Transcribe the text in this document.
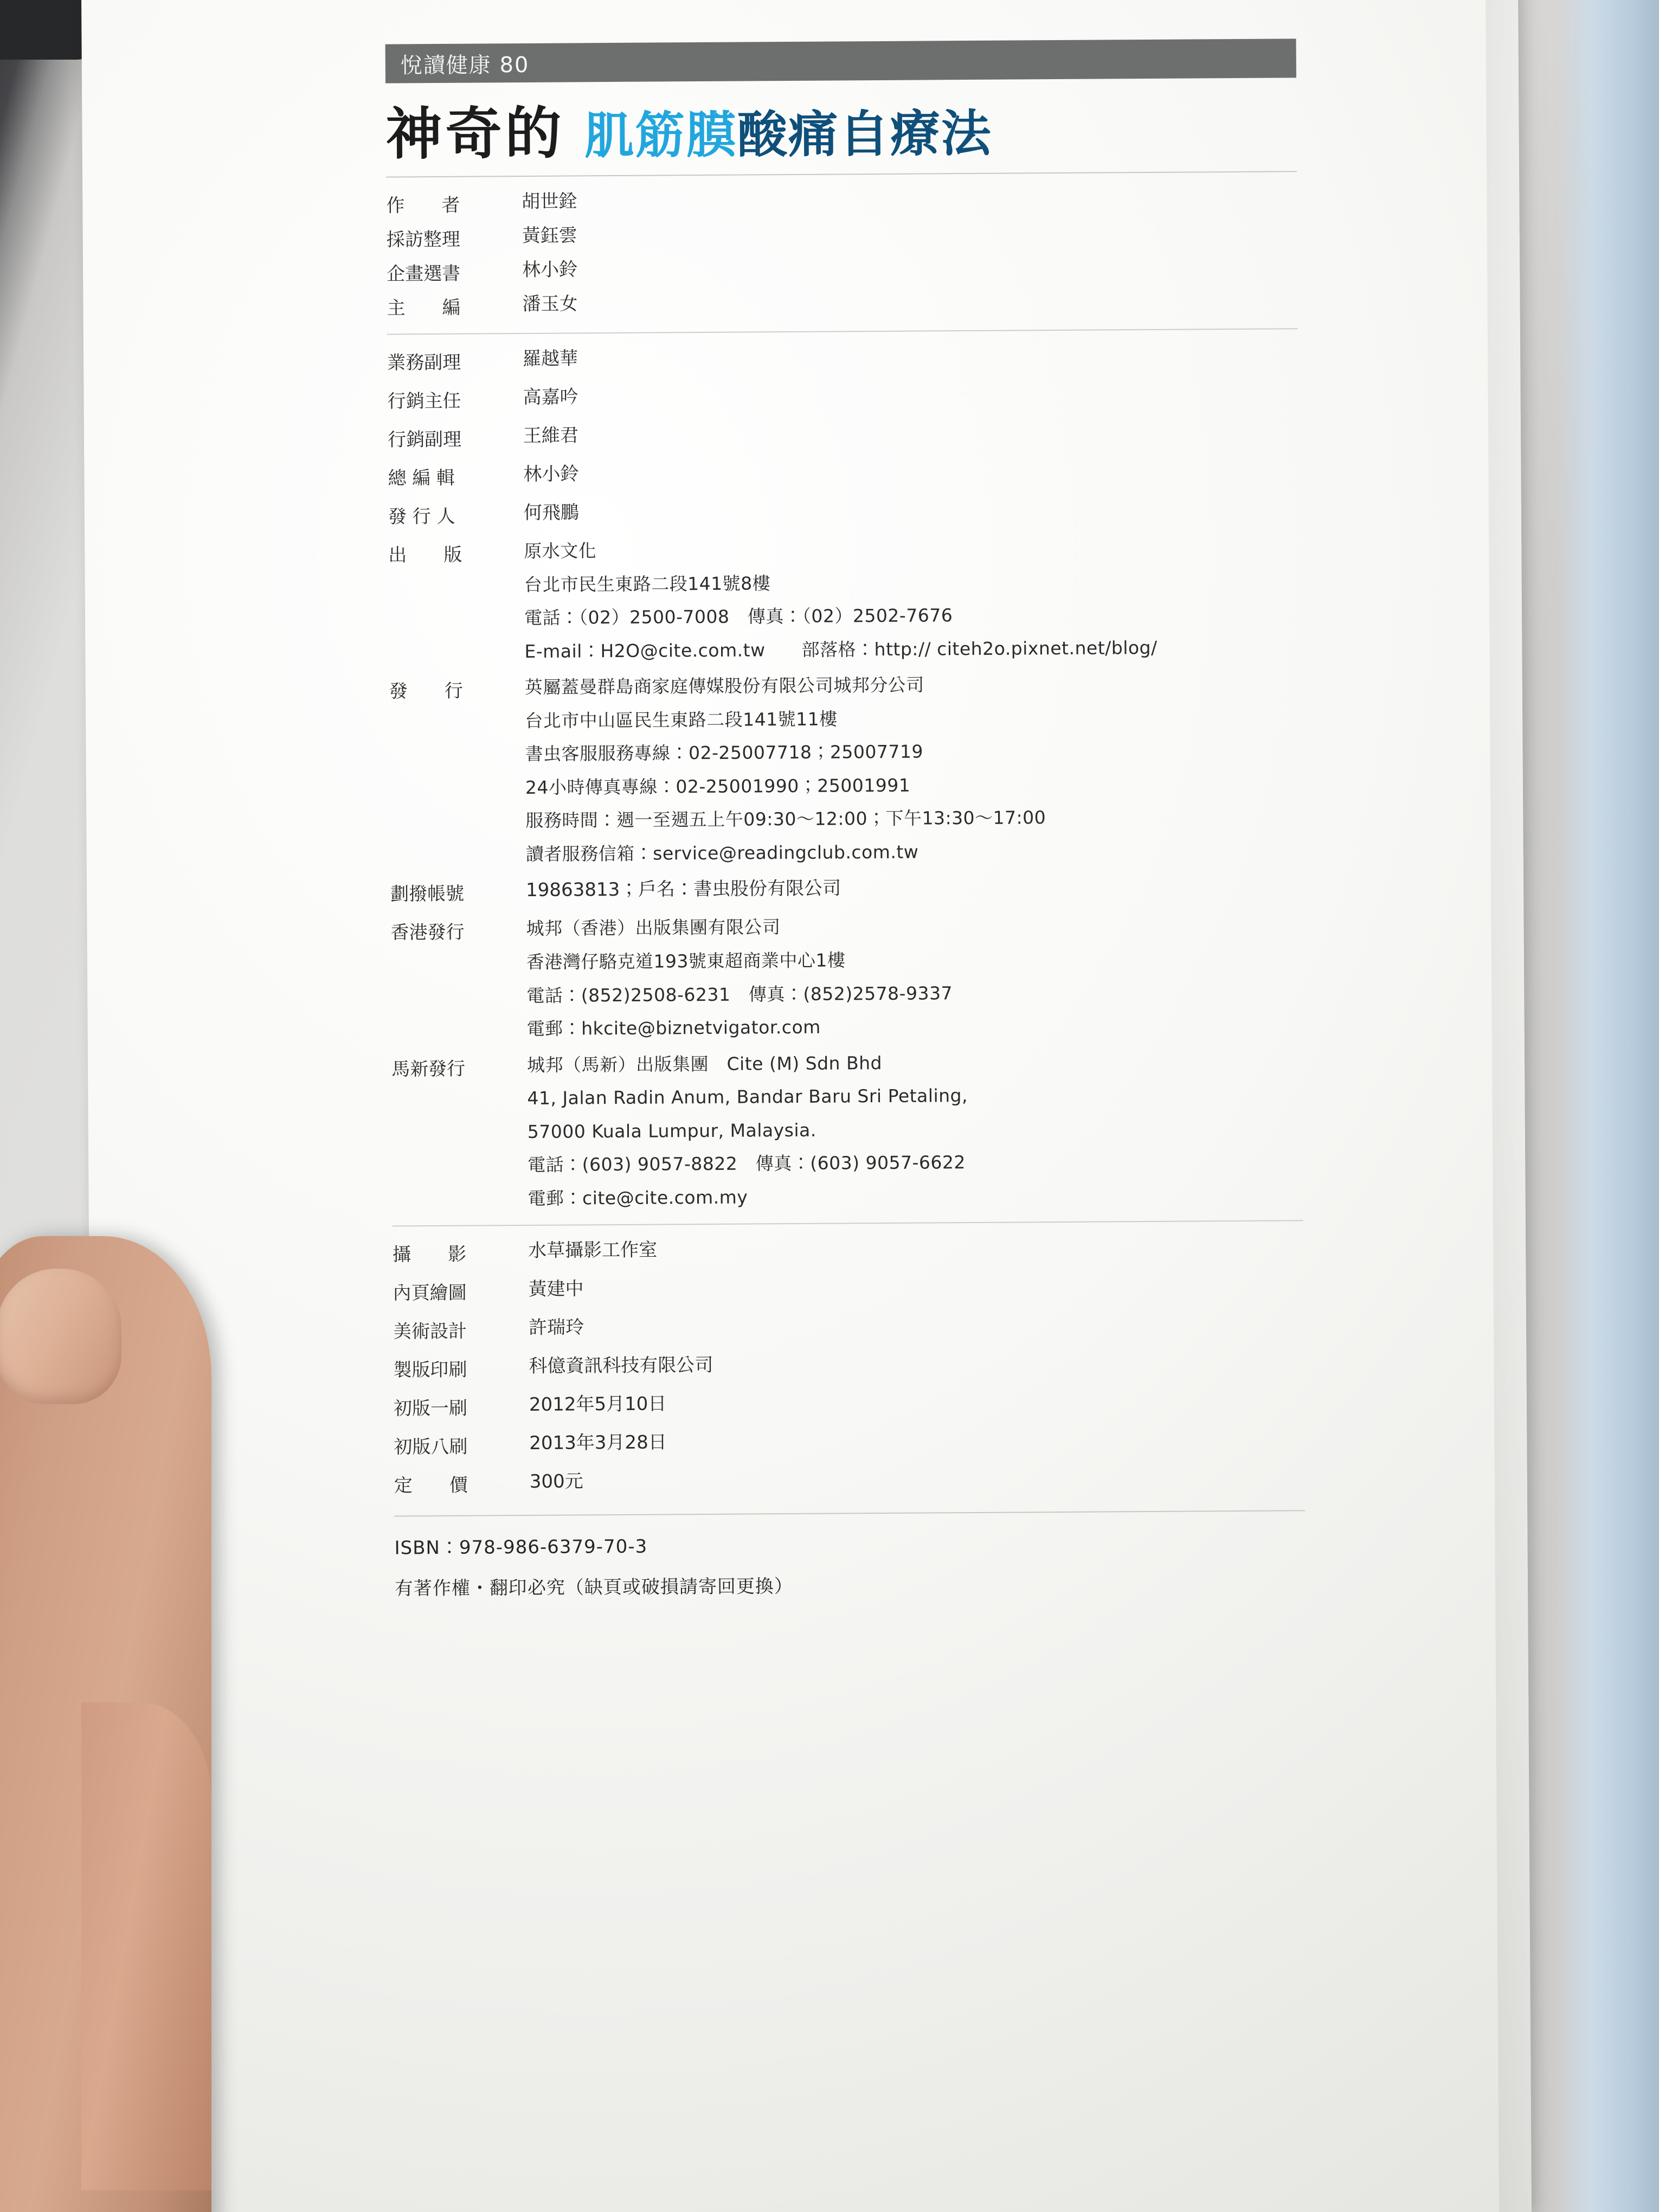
悅讀健康 80
神奇的 肌筋膜酸痛自療法
作　　者	胡世銓
採訪整理	黃鈺雲
企畫選書	林小鈴
主　　編	潘玉女
業務副理	羅越華
行銷主任	高嘉吟
行銷副理	王維君
總 編 輯	林小鈴
發 行 人	何飛鵬
出　　版	原水文化
台北市民生東路二段141號8樓
電話：（02）2500-7008　傳真：（02）2502-7676
E-mail：H2O@cite.com.tw　　部落格：http:// citeh2o.pixnet.net/blog/
發　　行	英屬蓋曼群島商家庭傳媒股份有限公司城邦分公司
台北市中山區民生東路二段141號11樓
書虫客服服務專線：02-25007718；25007719
24小時傳真專線：02-25001990；25001991
服務時間：週一至週五上午09:30～12:00；下午13:30～17:00
讀者服務信箱：service@readingclub.com.tw
劃撥帳號	19863813；戶名：書虫股份有限公司
香港發行	城邦（香港）出版集團有限公司
香港灣仔駱克道193號東超商業中心1樓
電話：(852)2508-6231　傳真：(852)2578-9337
電郵：hkcite@biznetvigator.com
馬新發行	城邦（馬新）出版集團　Cite (M) Sdn Bhd
41, Jalan Radin Anum, Bandar Baru Sri Petaling,
57000 Kuala Lumpur, Malaysia.
電話：(603) 9057-8822　傳真：(603) 9057-6622
電郵：cite@cite.com.my
攝　　影	水草攝影工作室
內頁繪圖	黃建中
美術設計	許瑞玲
製版印刷	科億資訊科技有限公司
初版一刷	2012年5月10日
初版八刷	2013年3月28日
定　　價	300元
ISBN：978-986-6379-70-3
有著作權・翻印必究（缺頁或破損請寄回更換）
